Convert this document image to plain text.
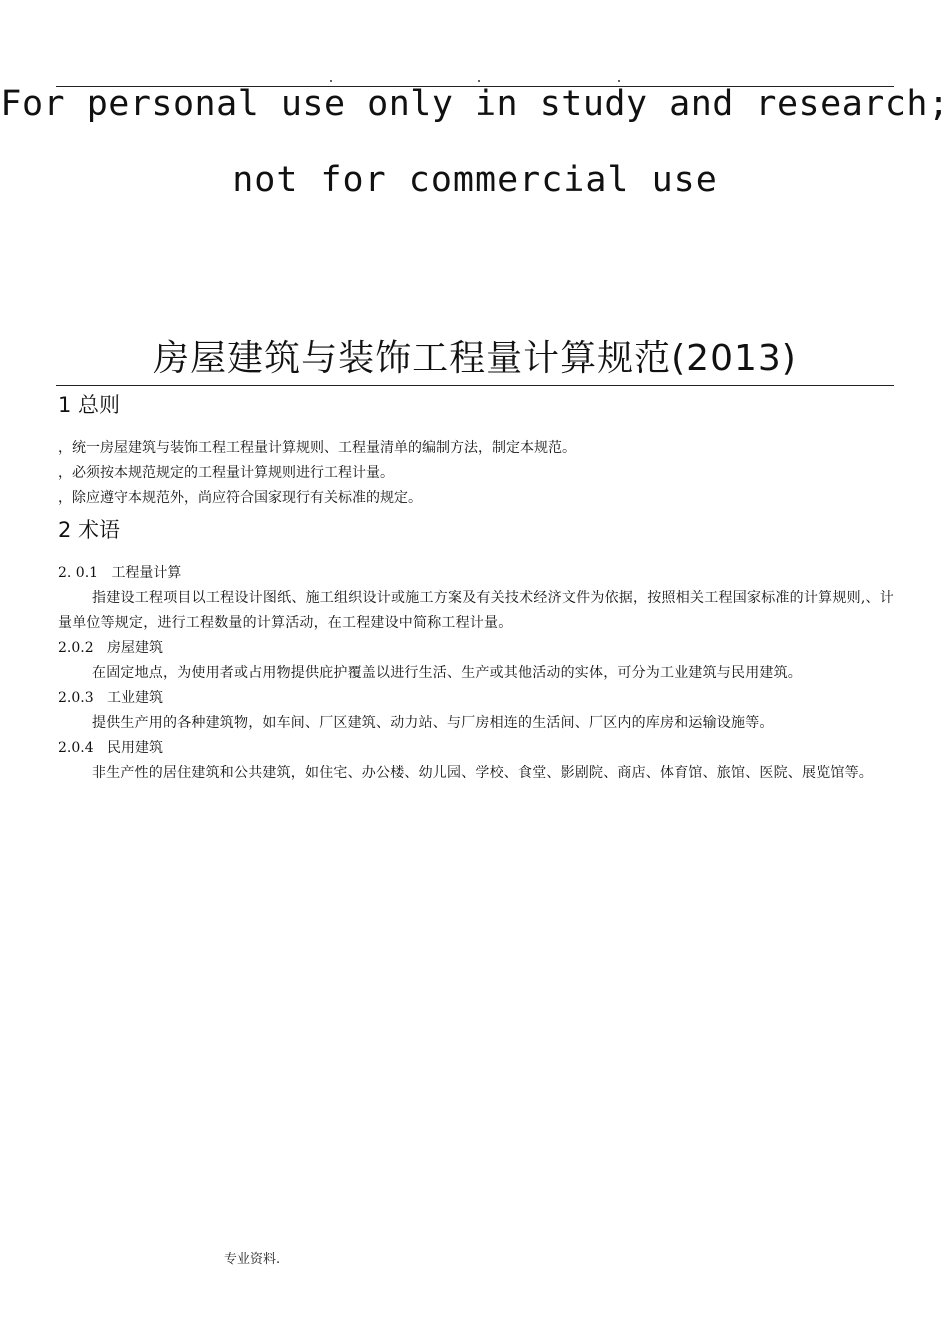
For personal use only in study and research;
not for commercial use
房屋建筑与装饰工程量计算规范(2013)
1 总则

，统一房屋建筑与装饰工程工程量计算规则、工程量清单的编制方法，制定本规范。

，必须按本规范规定的工程量计算规则进行工程计量。

，除应遵守本规范外，尚应符合国家现行有关标准的规定。

2 术语

2. 0.1 工程量计算

指建设工程项目以工程设计图纸、施工组织设计或施工方案及有关技术经济文件为依据，按照相关工程国家标准的计算规则,、计量单位等规定，进行工程数量的计算活动，在工程建设中简称工程计量。

2.0.2 房屋建筑

在固定地点，为使用者或占用物提供庇护覆盖以进行生活、生产或其他活动的实体，可分为工业建筑与民用建筑。

2.0.3 工业建筑

提供生产用的各种建筑物，如车间、厂区建筑、动力站、与厂房相连的生活间、厂区内的库房和运输设施等。

2.0.4 民用建筑

非生产性的居住建筑和公共建筑，如住宅、办公楼、幼儿园、学校、食堂、影剧院、商店、体育馆、旅馆、医院、展览馆等。

专业资料.
